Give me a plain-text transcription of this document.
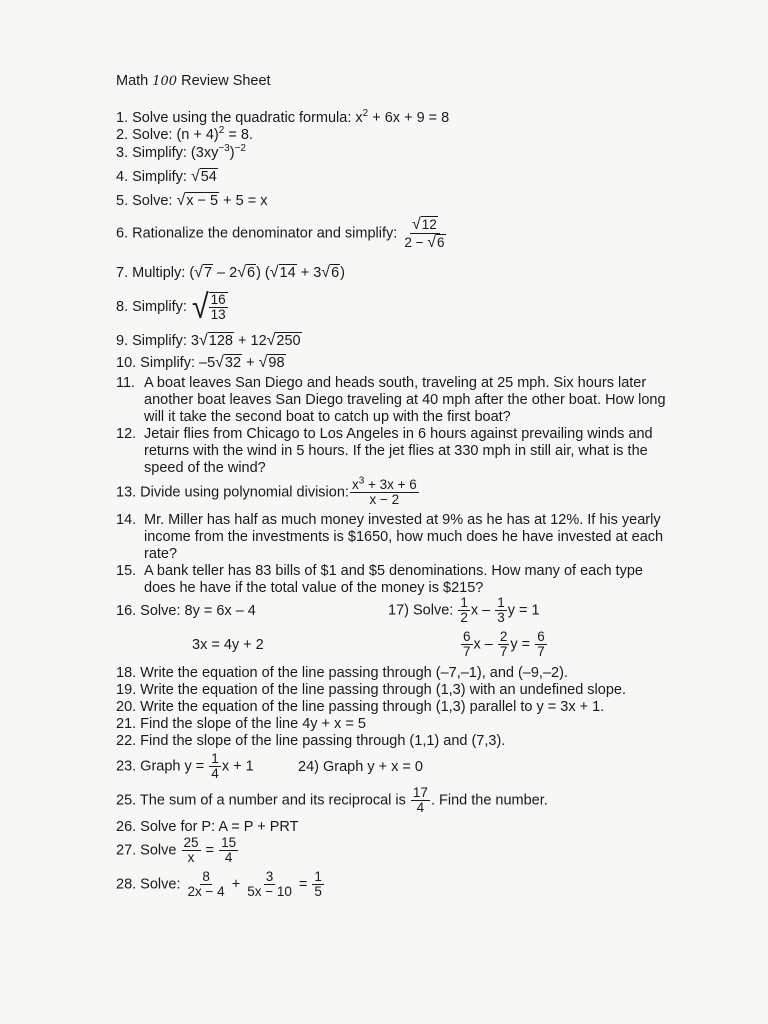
Math 100 Review Sheet
1. Solve using the quadratic formula: $x^2 + 6x + 9 = 8$
2. Solve: $(n + 4)^2 = 8$.
3. Simplify: $(3xy^{-3})^{-2}$
4. Simplify: √ 54
5. Solve: √ x − 5 + 5 = x
6. Rationalize the denominator and simplify: $\frac{√ 12}{2 - √ 6}$
7. Multiply: ( √ 7 – 2 √ 6 ) ( √ 14 + 3 √ 6 )
8. Simplify: √ $\frac{16}{13}$
9. Simplify: 3 √ 128 + 12 √ 250
10. Simplify: –5 √ 32 + √ 98
11. A boat leaves San Diego and heads south, traveling at 25 mph. Six hours later another boat leaves San Diego traveling at 40 mph after the other boat. How long will it take the second boat to catch up with the first boat?
12. Jetair flies from Chicago to Los Angeles in 6 hours against prevailing winds and returns with the wind in 5 hours. If the jet flies at 330 mph in still air, what is the speed of the wind?
13. Divide using polynomial division: $\frac{x^3 + 3x + 6}{x - 2}$
14. Mr. Miller has half as much money invested at 9% as he has at 12%. If his yearly income from the investments is $1650, how much does he have invested at each rate?
15. A bank teller has 83 bills of $1 and $5 denominations. How many of each type does he have if the total value of the money is $215?
16. Solve: 8y = 6x – 4
3x = 4y + 2
17) Solve: $\frac{1}{2}$ x – $\frac{1}{3}$ y = 1
$\frac{6}{7}$ x – $\frac{2}{7}$ $y = \frac{6}{7}$
18. Write the equation of the line passing through (–7,–1), and (–9,–2).
19. Write the equation of the line passing through (1,3) with an undefined slope.
20. Write the equation of the line passing through (1,3) parallel to y = 3x + 1.
21. Find the slope of the line 4y + x = 5
22. Find the slope of the line passing through (1,1) and (7,3).
23. Graph $y = \frac{1}{4}$ x + 1	24) Graph y + x = 0
25. The sum of a number and its reciprocal is $\frac{17}{4}$ . Find the number.
26. Solve for P: A = P + PRT
27. Solve $\frac{25}{x} = \frac{15}{4}$
28. Solve: $\frac{8}{2x - 4} + \frac{3}{5x - 10} = \frac{1}{5}$
